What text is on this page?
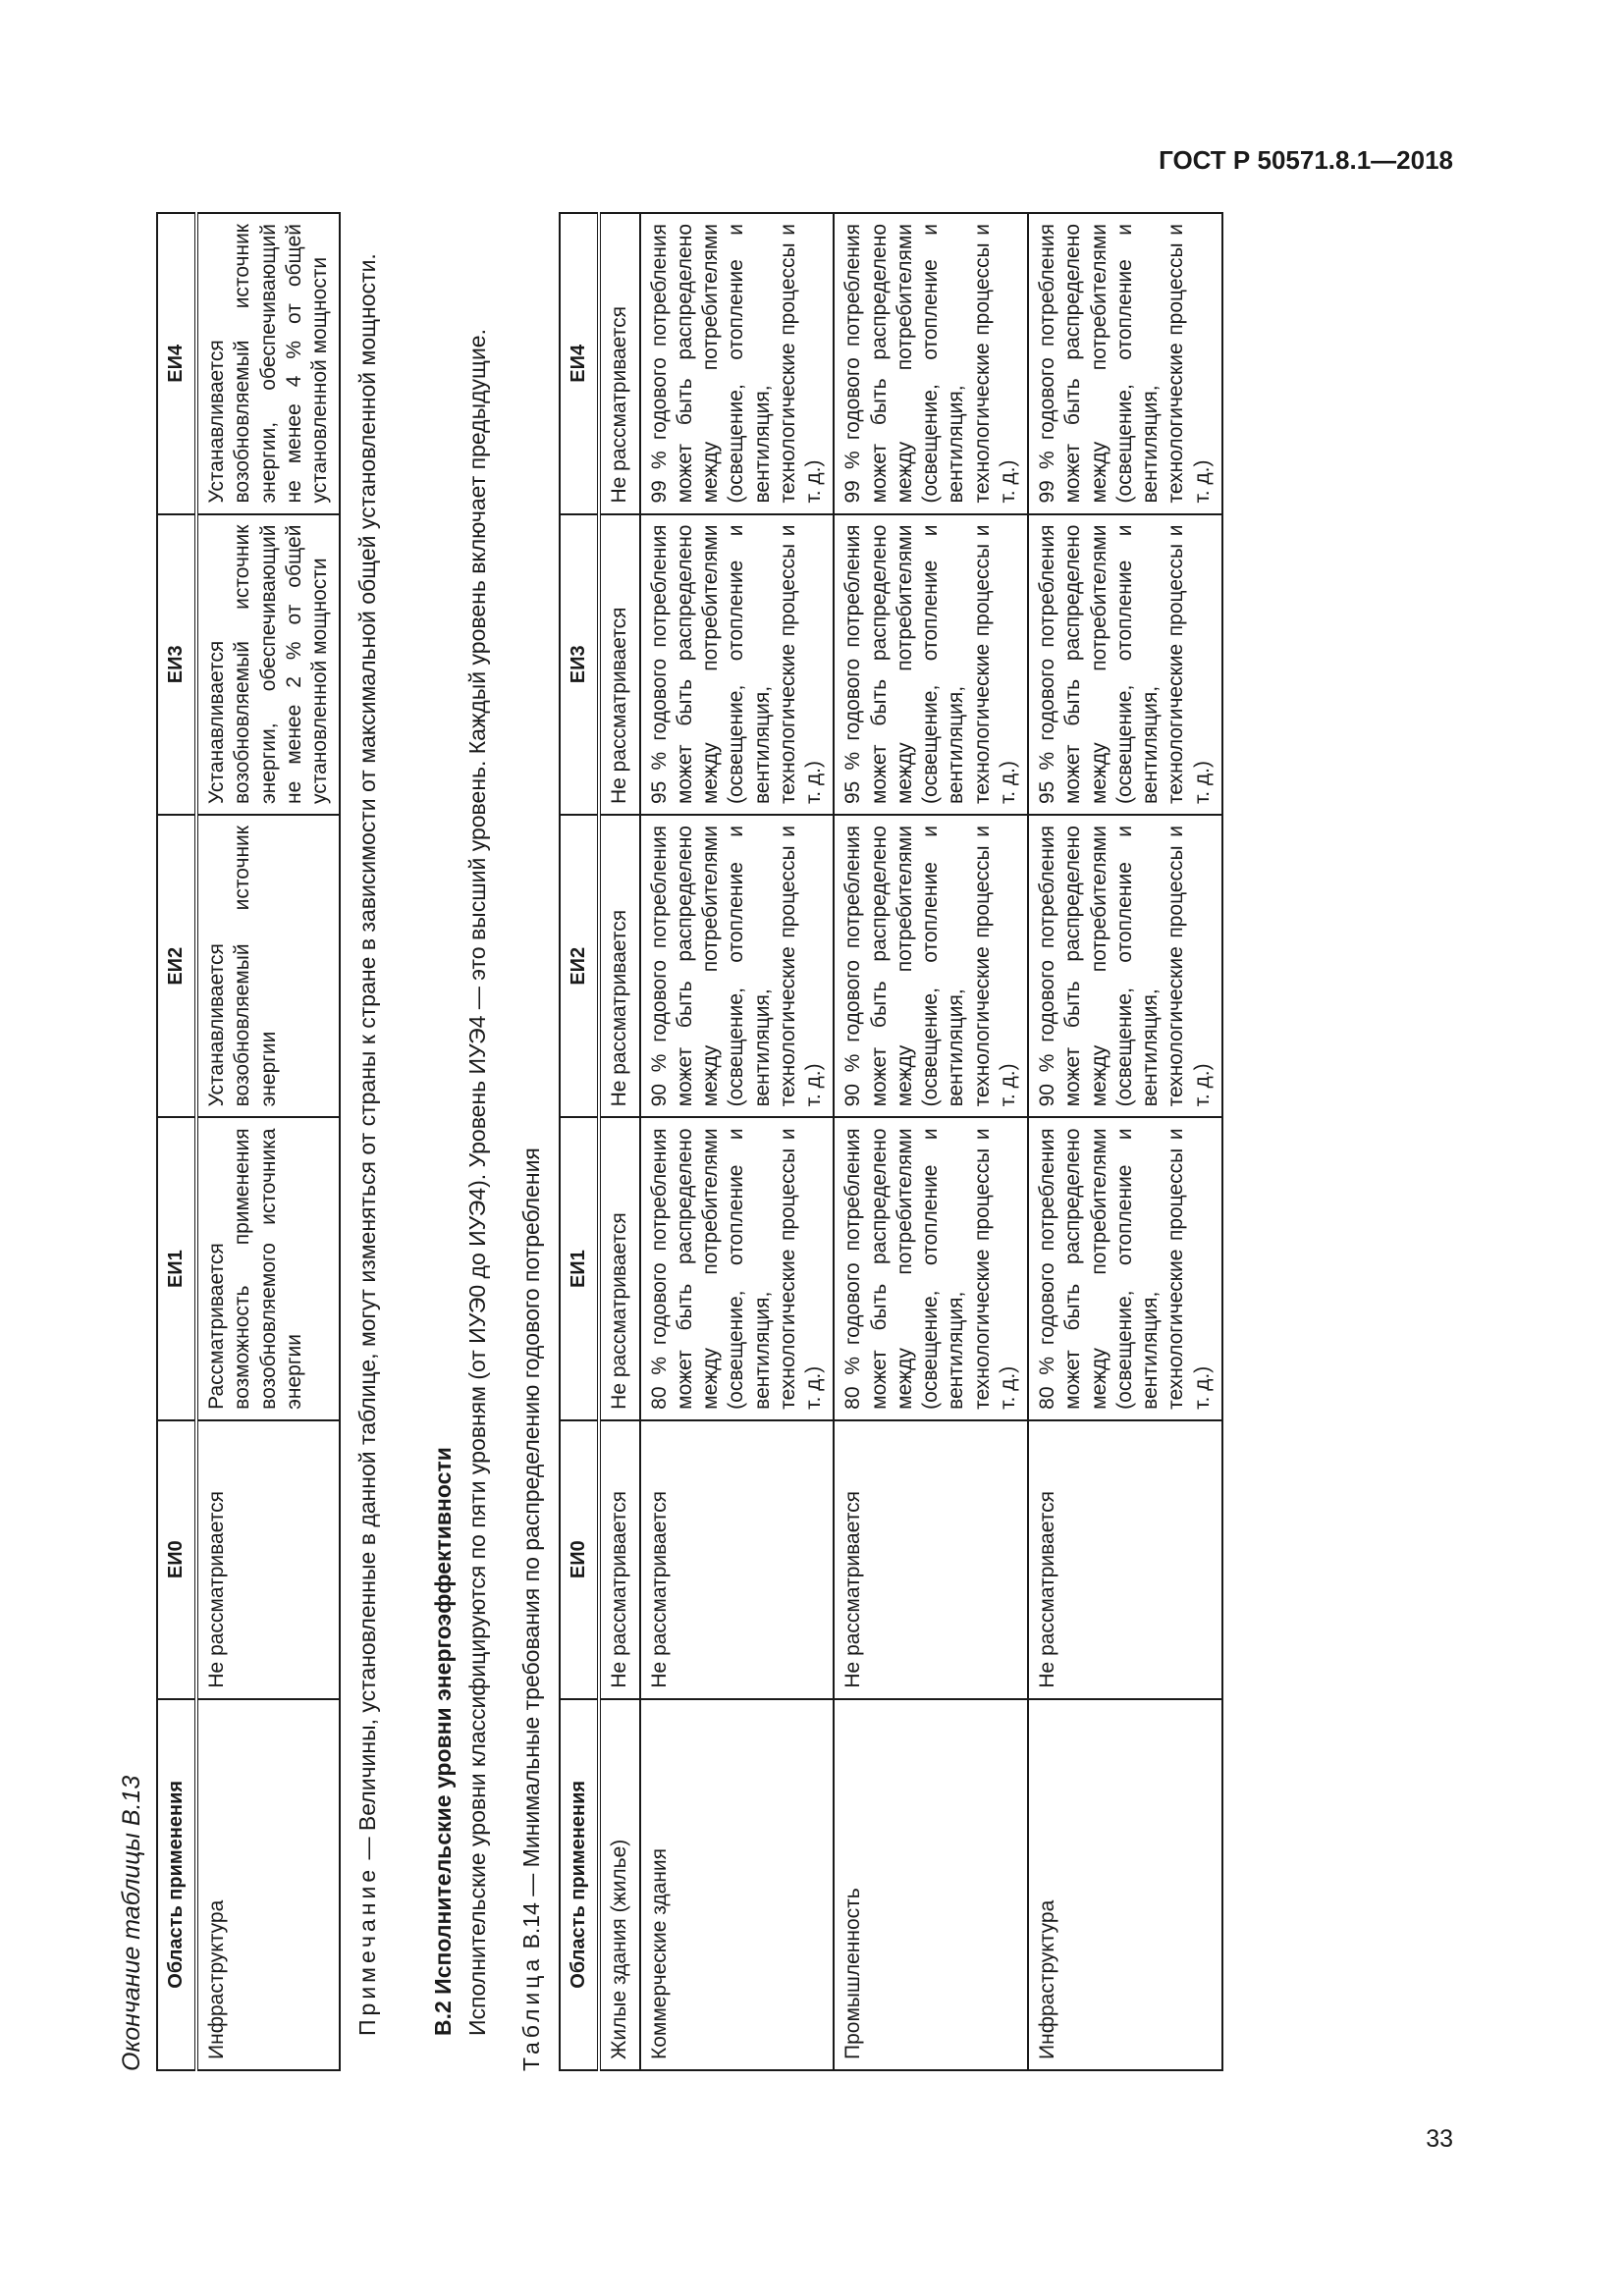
ГОСТ Р 50571.8.1—2018
33
Окончание таблицы В.13 Область применения	ЕИ0	ЕИ1	ЕИ2	ЕИ3	ЕИ4
Инфраструктура	Не рассматривается	Рассматривается возможность применения возобновляемого источника энергии	Устанавливается возобновляемый источник энергии	Устанавливается возобновляемый источник энергии, обеспечивающий не менее 2 % от общей установленной мощности	Устанавливается возобновляемый источник энергии, обеспечивающий не менее 4 % от общей установленной мощности

Примечание — Величины, установленные в данной таблице, могут изменяться от страны к стране в зависимости от максимальной общей установленной мощности. В.2 Исполнительские уровни энергоэффективности Исполнительские уровни классифицируются по пяти уровням (от ИУЭ0 до ИУЭ4). Уровень ИУЭ4 — это высший уровень. Каждый уровень включает предыдущие. Таблица В.14 — Минимальные требования по распределению годового потребления Область применения	ЕИ0	ЕИ1	ЕИ2	ЕИ3	ЕИ4
Жилые здания (жилье)	Не рассматривается	Не рассматривается	Не рассматривается	Не рассматривается	Не рассматривается
Коммерческие здания	Не рассматривается	80 % годового потребления может быть распределено между потребителями (освещение, отопление и вентиляция, технологические процессы и т. д.)	90 % годового потребления может быть распределено между потребителями (освещение, отопление и вентиляция, технологические процессы и т. д.)	95 % годового потребления может быть распределено между потребителями (освещение, отопление и вентиляция, технологические процессы и т. д.)	99 % годового потребления может быть распределено между потребителями (освещение, отопление и вентиляция, технологические процессы и т. д.)
Промышленность	Не рассматривается	80 % годового потребления может быть распределено между потребителями (освещение, отопление и вентиляция, технологические процессы и т. д.)	90 % годового потребления может быть распределено между потребителями (освещение, отопление и вентиляция, технологические процессы и т. д.)	95 % годового потребления может быть распределено между потребителями (освещение, отопление и вентиляция, технологические процессы и т. д.)	99 % годового потребления может быть распределено между потребителями (освещение, отопление и вентиляция, технологические процессы и т. д.)
Инфраструктура	Не рассматривается	80 % годового потребления может быть распределено между потребителями (освещение, отопление и вентиляция, технологические процессы и т. д.)	90 % годового потребления может быть распределено между потребителями (освещение, отопление и вентиляция, технологические процессы и т. д.)	95 % годового потребления может быть распределено между потребителями (освещение, отопление и вентиляция, технологические процессы и т. д.)	99 % годового потребления может быть распределено между потребителями (освещение, отопление и вентиляция, технологические процессы и т. д.)
